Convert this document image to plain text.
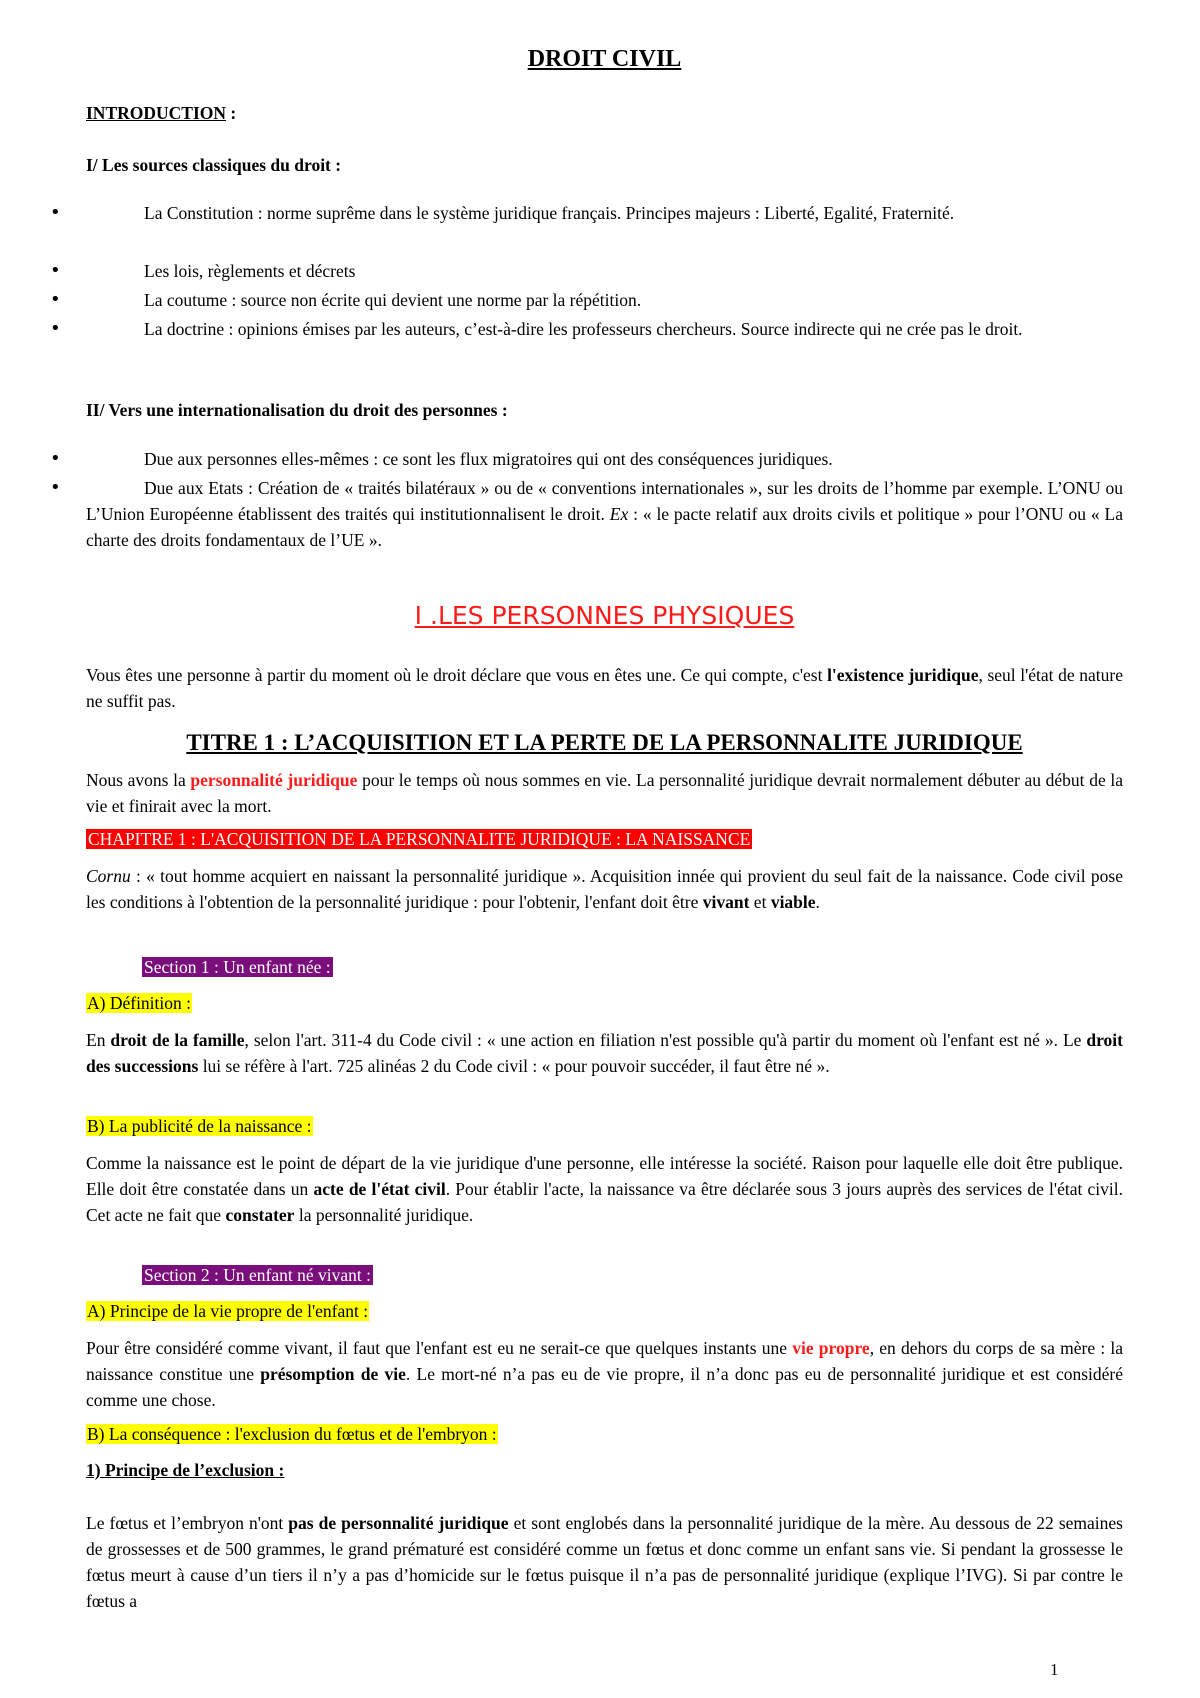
DROIT CIVIL
INTRODUCTION :
I/ Les sources classiques du droit :
•	La Constitution : norme suprême dans le système juridique français. Principes majeurs : Liberté, Egalité, Fraternité.
•	Les lois, règlements et décrets
•	La coutume : source non écrite qui devient une norme par la répétition.
•	La doctrine : opinions émises par les auteurs, c’est-à-dire les professeurs chercheurs. Source indirecte qui ne crée pas le droit.
II/ Vers une internationalisation du droit des personnes :
•	Due aux personnes elles-mêmes : ce sont les flux migratoires qui ont des conséquences juridiques.
•	Due aux Etats : Création de « traités bilatéraux » ou de « conventions internationales », sur les droits de l’homme par exemple. L’ONU ou L’Union Européenne établissent des traités qui institutionnalisent le droit. Ex : « le pacte relatif aux droits civils et politique » pour l’ONU ou « La charte des droits fondamentaux de l’UE ».
I .LES PERSONNES PHYSIQUES
Vous êtes une personne à partir du moment où le droit déclare que vous en êtes une. Ce qui compte, c'est l'existence juridique, seul l'état de nature ne suffit pas.
TITRE 1 : L’ACQUISITION ET LA PERTE DE LA PERSONNALITE JURIDIQUE
Nous avons la personnalité juridique pour le temps où nous sommes en vie. La personnalité juridique devrait normalement débuter au début de la vie et finirait avec la mort.
CHAPITRE 1 : L'ACQUISITION DE LA PERSONNALITE JURIDIQUE : LA NAISSANCE
Cornu : « tout homme acquiert en naissant la personnalité juridique ». Acquisition innée qui provient du seul fait de la naissance. Code civil pose les conditions à l'obtention de la personnalité juridique : pour l'obtenir, l'enfant doit être vivant et viable.
Section 1 : Un enfant née :
A) Définition :
En droit de la famille, selon l'art. 311-4 du Code civil : « une action en filiation n'est possible qu'à partir du moment où l'enfant est né ». Le droit des successions lui se réfère à l'art. 725 alinéas 2 du Code civil : « pour pouvoir succéder, il faut être né ».
B) La publicité de la naissance :
Comme la naissance est le point de départ de la vie juridique d'une personne, elle intéresse la société. Raison pour laquelle elle doit être publique. Elle doit être constatée dans un acte de l'état civil. Pour établir l'acte, la naissance va être déclarée sous 3 jours auprès des services de l'état civil. Cet acte ne fait que constater la personnalité juridique.
Section 2 : Un enfant né vivant :
A) Principe de la vie propre de l'enfant :
Pour être considéré comme vivant, il faut que l'enfant est eu ne serait-ce que quelques instants une vie propre, en dehors du corps de sa mère : la naissance constitue une présomption de vie. Le mort-né n’a pas eu de vie propre, il n’a donc pas eu de personnalité juridique et est considéré comme une chose.
B) La conséquence : l'exclusion du fœtus et de l'embryon :
1) Principe de l’exclusion :
Le fœtus et l’embryon n'ont pas de personnalité juridique et sont englobés dans la personnalité juridique de la mère. Au dessous de 22 semaines de grossesses et de 500 grammes, le grand prématuré est considéré comme un fœtus et donc comme un enfant sans vie. Si pendant la grossesse le fœtus meurt à cause d’un tiers il n’y a pas d’homicide sur le fœtus puisque il n’a pas de personnalité juridique (explique l’IVG). Si par contre le fœtus a
1
